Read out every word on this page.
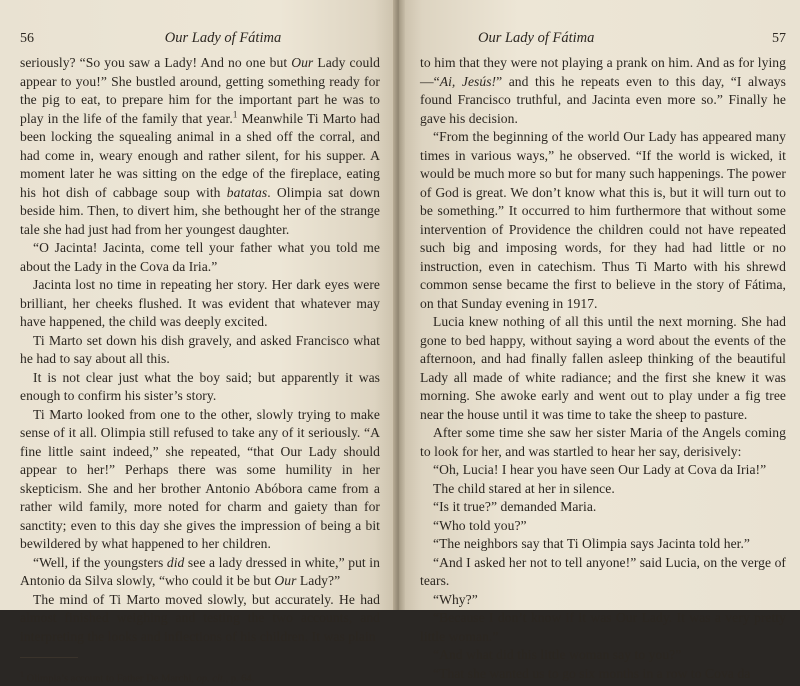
56	Our Lady of Fátima

seriously? “So you saw a Lady! And no one but Our Lady could appear to you!” She bustled around, getting something ready for the pig to eat, to prepare him for the important part he was to play in the life of the family that year.$^1$ Meanwhile Ti Marto had been locking the squealing animal in a shed off the corral, and had come in, weary enough and rather silent, for his supper. A moment later he was sitting on the edge of the fireplace, eating his hot dish of cabbage soup with batatas. Olimpia sat down beside him. Then, to divert him, she bethought her of the strange tale she had just had from her youngest daughter.

“O Jacinta! Jacinta, come tell your father what you told me about the Lady in the Cova da Iria.”

Jacinta lost no time in repeating her story. Her dark eyes were brilliant, her cheeks flushed. It was evident that whatever may have happened, the child was deeply excited.

Ti Marto set down his dish gravely, and asked Francisco what he had to say about all this.

It is not clear just what the boy said; but apparently it was enough to confirm his sister’s story.

Ti Marto looked from one to the other, slowly trying to make sense of it all. Olimpia still refused to take any of it seriously. “A fine little saint indeed,” she repeated, “that Our Lady should appear to her!” Perhaps there was some humility in her skepticism. She and her brother Antonio Abóbora came from a rather wild family, more noted for charm and gaiety than for sanctity; even to this day she gives the impression of being a bit bewildered by what happened to her children.

“Well, if the youngsters did see a lady dressed in white,” put in Antonio da Silva slowly, “who could it be but Our Lady?”

The mind of Ti Marto moved slowly, but accurately. He had almost finished weighing and testing the two accounts, and interpreting the looks and inflections of his children. It was plain

$^1$ Olimpia’s account to Father De Marchi, op. cit., p. 64.
Our Lady of Fátima	57

to him that they were not playing a prank on him. And as for lying—“Ai, Jesús!” and this he repeats even to this day, “I always found Francisco truthful, and Jacinta even more so.” Finally he gave his decision.

“From the beginning of the world Our Lady has appeared many times in various ways,” he observed. “If the world is wicked, it would be much more so but for many such happenings. The power of God is great. We don’t know what this is, but it will turn out to be something.” It occurred to him furthermore that without some intervention of Providence the children could not have repeated such big and imposing words, for they had had little or no instruction, even in catechism. Thus Ti Marto with his shrewd common sense became the first to believe in the story of Fátima, on that Sunday evening in 1917.

Lucia knew nothing of all this until the next morning. She had gone to bed happy, without saying a word about the events of the afternoon, and had finally fallen asleep thinking of the beautiful Lady all made of white radiance; and the first she knew it was morning. She awoke early and went out to play under a fig tree near the house until it was time to take the sheep to pasture.

After some time she saw her sister Maria of the Angels coming to look for her, and was startled to hear her say, derisively:

“Oh, Lucia! I hear you have seen Our Lady at Cova da Iria!”

The child stared at her in silence.

“Is it true?” demanded Maria.

“Who told you?”

“The neighbors say that Ti Olimpia says Jacinta told her.”

“And I asked her not to tell anyone!” said Lucia, on the verge of tears.

“Why?”

“Because I don’t know if it was Our Lady. It was a very pretty little woman.”

“And what did this little woman say to you?”

“That she wanted us to go six months in a row to Cova da
